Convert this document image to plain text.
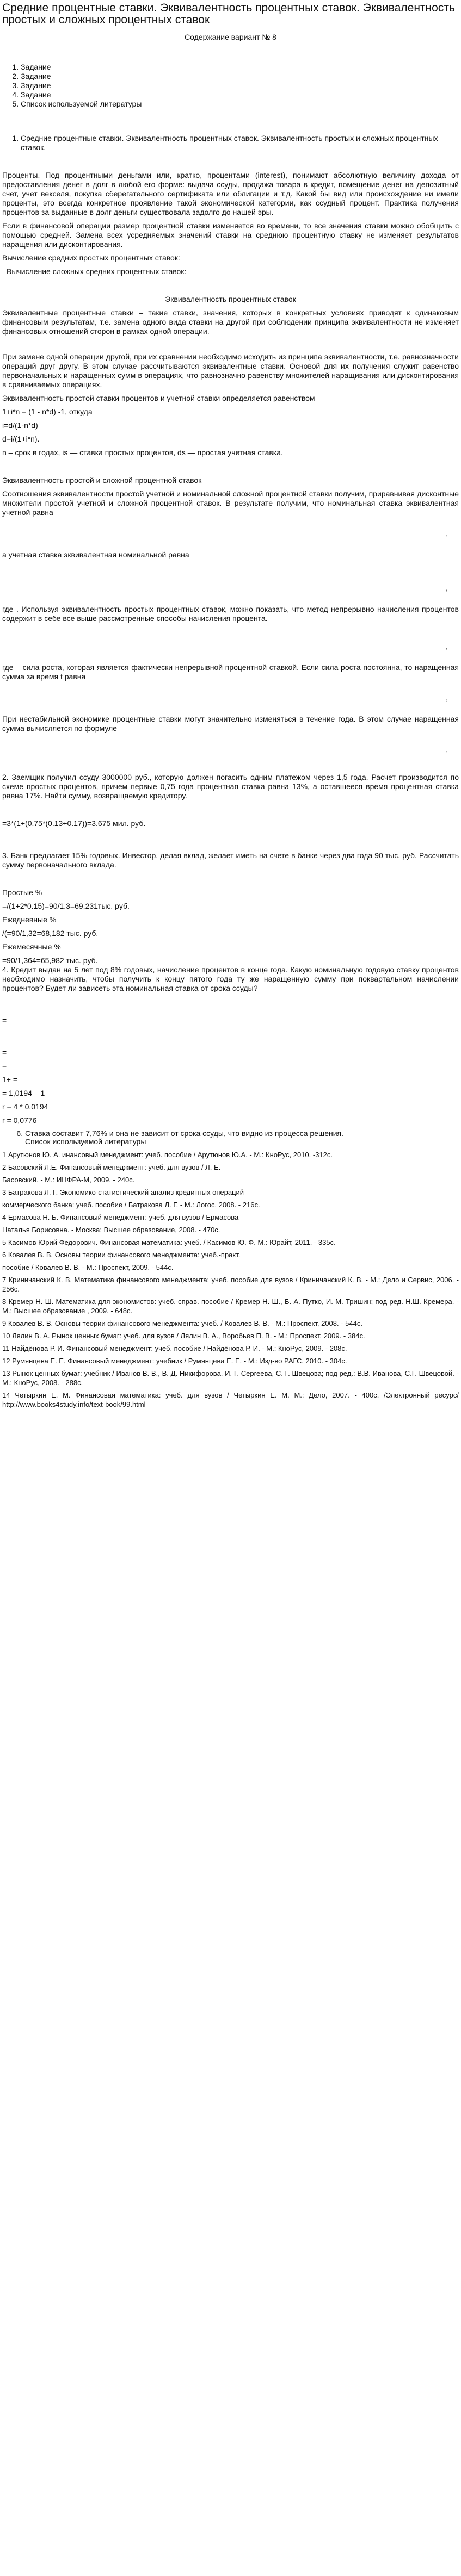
Средние процентные ставки. Эквивалентность процентных ставок. Эквивалентность простых и сложных процентных ставок
Содержание вариант № 8
1. Задание
2. Задание
3. Задание
4. Задание
5. Список используемой литературы
1. Средние процентные ставки. Эквивалентность процентных ставок. Эквивалентность простых и сложных процентных ставок.

Проценты. Под процентными деньгами или, кратко, процентами (interest), понимают абсолютную величину дохода от предоставления денег в долг в любой его форме: выдача ссуды, продажа товара в кредит, помещение денег на депозитный счет, учет векселя, покупка сберегательного сертификата или облигации и т.д. Какой бы вид или происхождение ни имели проценты, это всегда конкретное проявление такой экономической категории, как ссудный процент. Практика получения процентов за выданные в долг деньги существовала задолго до нашей эры.

Если в финансовой операции размер процентной ставки изменяется во времени, то все значения ставки можно обобщить с помощью средней. Замена всех усредняемых значений ставки на среднюю процентную ставку не изменяет результатов наращения или дисконтирования.

Вычисление средних простых процентных ставок:

Вычисление сложных средних процентных ставок:

Эквивалентность процентных ставок

Эквивалентные процентные ставки – такие ставки, значения, которых в конкретных условиях приводят к одинаковым финансовым результатам, т.е. замена одного вида ставки на другой при соблюдении принципа эквивалентности не изменяет финансовых отношений сторон в рамках одной операции.

При замене одной операции другой, при их сравнении необходимо исходить из принципа эквивалентности, т.е. равнозначности операций друг другу. В этом случае рассчитываются эквивалентные ставки. Основой для их получения служит равенство первоначальных и наращенных сумм в операциях, что равнозначно равенству множителей наращивания или дисконтирования в сравниваемых операциях.

Эквивалентность простой ставки процентов и учетной ставки определяется равенством

1+i*n = (1 - n*d) -1, откуда

i=d/(1-n*d)

d=i/(1+i*n).

n – срок в годах, is — ставка простых процентов, ds — простая учетная ставка.

Эквивалентность простой и сложной процентной ставок

Соотношения эквивалентности простой учетной и номинальной сложной процентной ставки получим, приравнивая дисконтные множители простой учетной и сложной процентной ставок. В результате получим, что номинальная ставка эквивалентная учетной равна

,

а учетная ставка эквивалентная номинальной равна

,

где . Используя эквивалентность простых процентных ставок, можно показать, что метод непрерывно начисления процентов содержит в себе все выше рассмотренные способы начисления процента.

,

где – сила роста, которая является фактически непрерывной процентной ставкой. Если сила роста постоянна, то наращенная сумма за время t равна

,

При нестабильной экономике процентные ставки могут значительно изменяться в течение года. В этом случае наращенная сумма вычисляется по формуле

,

2. Заемщик получил ссуду 3000000 руб., которую должен погасить одним платежом через 1,5 года. Расчет производится по схеме простых процентов, причем первые 0,75 года процентная ставка равна 13%, а оставшееся время процентная ставка равна 17%. Найти сумму, возвращаемую кредитору.

=3*(1+(0.75*(0.13+0.17))=3.675 мил. руб.

3. Банк предлагает 15% годовых. Инвестор, делая вклад, желает иметь на счете в банке через два года 90 тыс. руб. Рассчитать сумму первоначального вклада.

Простые %

=/(1+2*0.15)=90/1.3=69,231тыс. руб.

Ежедневные %

/(=90/1,32=68,182 тыс. руб.

Ежемесячные %

=90/1,364=65,982 тыс. руб.

4. Кредит выдан на 5 лет под 8% годовых, начисление процентов в конце года. Какую номинальную годовую ставку процентов необходимо назначить, чтобы получить к концу пятого года ту же наращенную сумму при поквартальном начислении процентов? Будет ли зависеть эта номинальная ставка от срока ссуды?

=

=

=

1+ =

= 1,0194 – 1

r = 4 * 0,0194

r = 0,0776

6. Ставка составит 7,76% и она не зависит от срока ссуды, что видно из процесса решения.

Список используемой литературы

1 Арутюнов Ю. А. инансовый менеджмент: учеб. пособие / Арутюнов Ю.А. - М.: КноРус, 2010. -312с.

2 Басовский Л.Е. Финансовый менеджмент: учеб. для вузов / Л. Е.

Басовский. - М.: ИНФРА-М, 2009. - 240с.

3 Батракова Л. Г. Экономико-статистический анализ кредитных операций

коммерческого банка: учеб. пособие / Батракова Л. Г. - М.: Логос, 2008. - 216с.

4 Ермасова Н. Б. Финансовый менеджмент: учеб. для вузов / Ермасова

Наталья Борисовна. - Москва: Высшее образование, 2008. - 470с.

5 Касимов Юрий Федорович. Финансовая математика: учеб. / Касимов Ю. Ф. М.: Юрайт, 2011. - 335с.

6 Ковалев В. В. Основы теории финансового менеджмента: учеб.-практ.

пособие / Ковалев В. В. - М.: Проспект, 2009. - 544с.

7 Криничанский К. В. Математика финансового менеджмента: учеб. пособие для вузов / Криничанский К. В. - М.: Дело и Сервис, 2006. - 256с.

8 Кремер Н. Ш. Математика для экономистов: учеб.-справ. пособие / Кремер Н. Ш., Б. А. Путко, И. М. Тришин; под ред. Н.Ш. Кремера. - М.: Высшее образование , 2009. - 648с.

9 Ковалев В. В. Основы теории финансового менеджмента: учеб. / Ковалев В. В. - М.: Проспект, 2008. - 544с.

10 Лялин В. А. Рынок ценных бумаг: учеб. для вузов / Лялин В. А., Воробьев П. В. - М.: Проспект, 2009. - 384с.

11 Найдёнова Р. И. Финансовый менеджмент: учеб. пособие / Найдёнова Р. И. - М.: КноРус, 2009. - 208с.

12 Румянцева Е. Е. Финансовый менеджмент: учебник / Румянцева Е. Е. - М.: Изд-во РАГС, 2010. - 304с.

13 Рынок ценных бумаг: учебник / Иванов В. В., В. Д. Никифорова, И. Г. Сергеева, С. Г. Швецова; под ред.: В.В. Иванова, С.Г. Швецовой. - М.: КноРус, 2008. - 288с.

14 Четыркин Е. М. Финансовая математика: учеб. для вузов / Четыркин Е. М. М.: Дело, 2007. - 400с. /Электронный ресурс/ http://www.books4study.info/text-book/99.html
